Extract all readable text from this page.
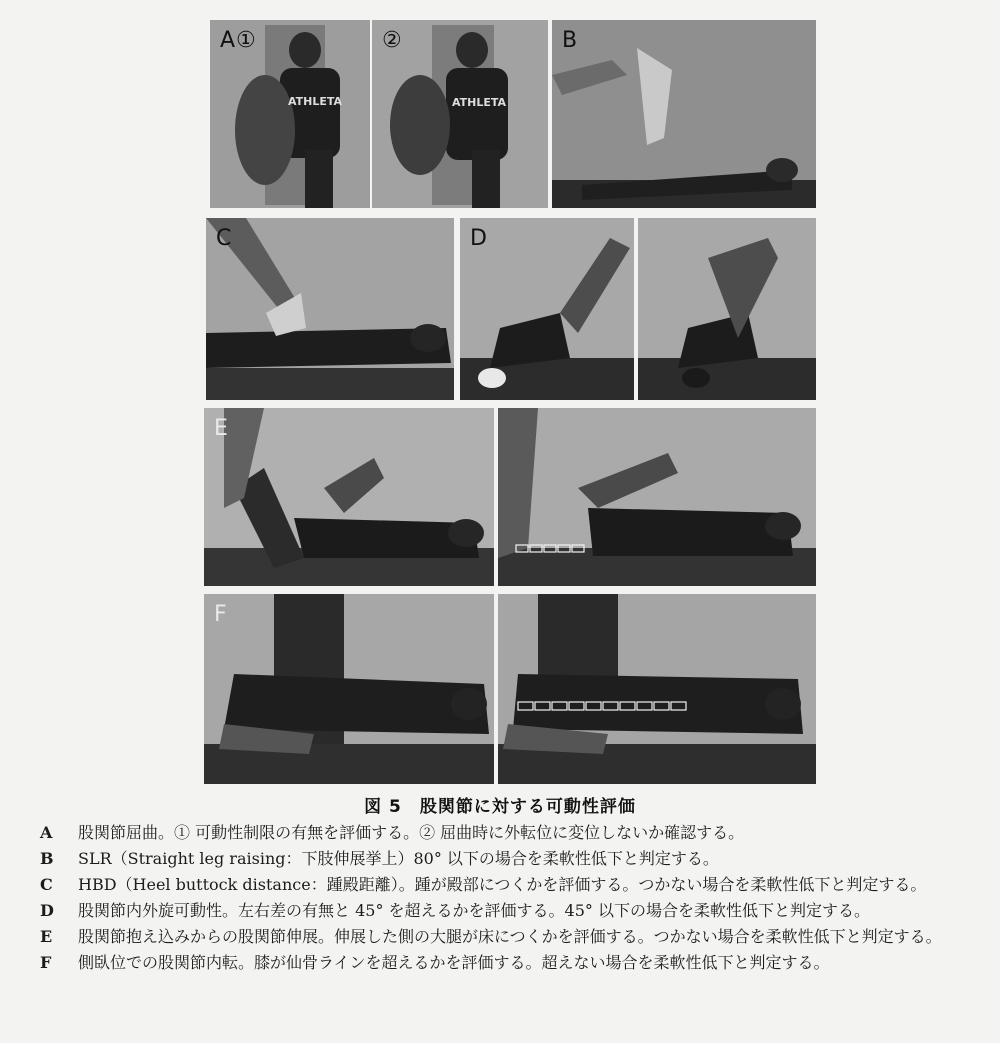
A①
ATHLETA
②
ATHLETA
B
C	D
E
F
図 5　股関節に対する可動性評価
A	股関節屈曲。① 可動性制限の有無を評価する。② 屈曲時に外転位に変位しないか確認する。
B	SLR（Straight leg raising：下肢伸展挙上）80° 以下の場合を柔軟性低下と判定する。
C	HBD（Heel buttock distance：踵殿距離）。踵が殿部につくかを評価する。つかない場合を柔軟性低下と判定する。
D	股関節内外旋可動性。左右差の有無と 45° を超えるかを評価する。45° 以下の場合を柔軟性低下と判定する。
E	股関節抱え込みからの股関節伸展。伸展した側の大腿が床につくかを評価する。つかない場合を柔軟性低下と判定する。
F	側臥位での股関節内転。膝が仙骨ラインを超えるかを評価する。超えない場合を柔軟性低下と判定する。
